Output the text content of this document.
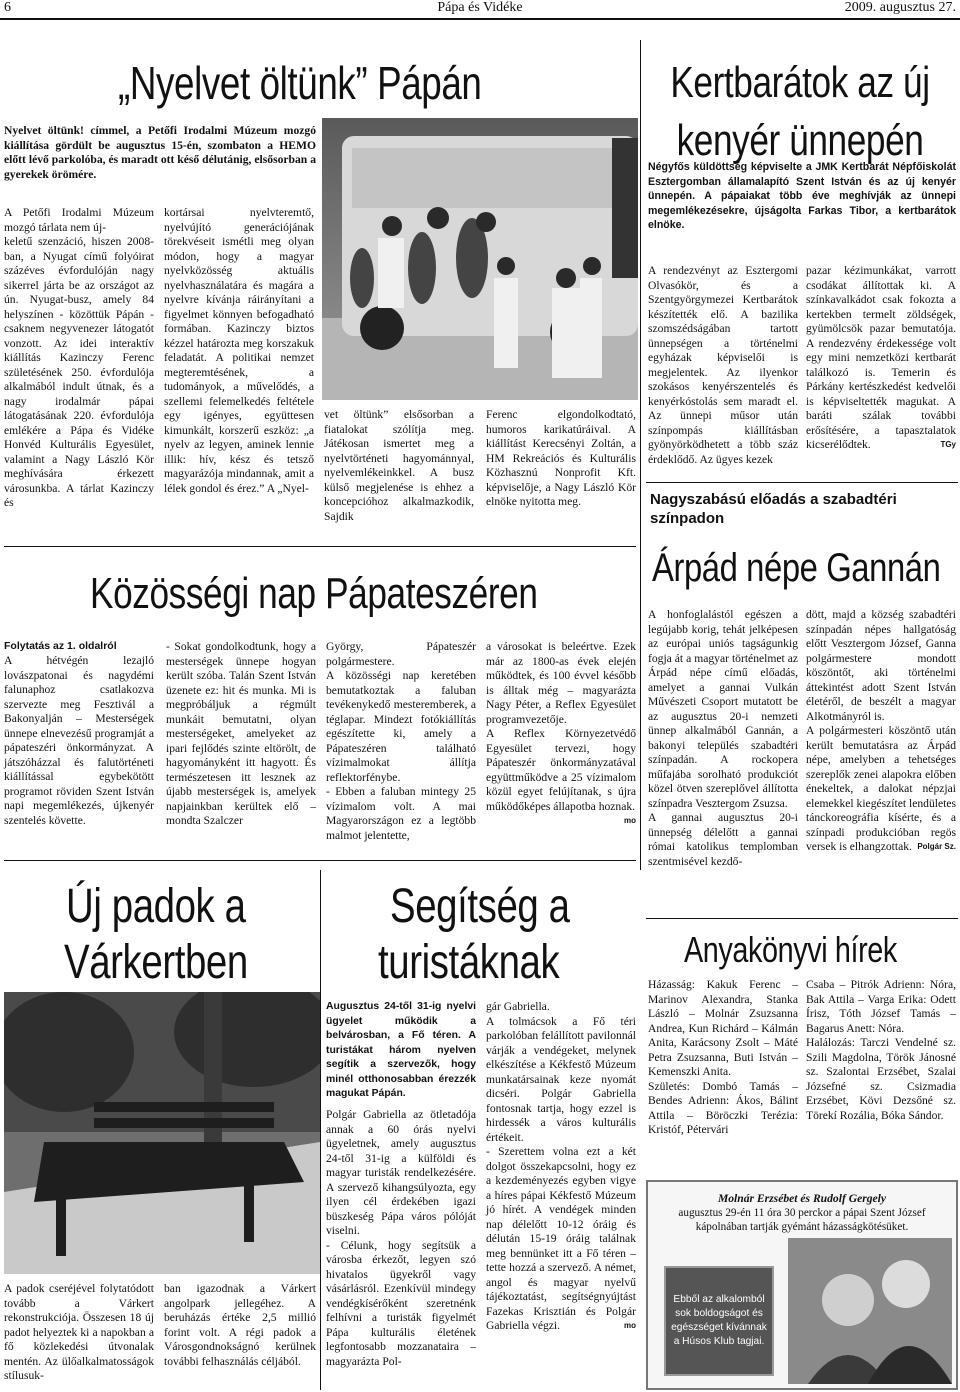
6	Pápa és Vidéke	2009. augusztus 27.
„Nyelvet öltünk” Pápán
Nyelvet öltünk! címmel, a Petőfi Irodalmi Múzeum mozgó kiállítása gördült be augusztus 15-én, szombaton a HEMO előtt lévő parkolóba, és maradt ott késő délutánig, elsősorban a gyerekek örömére.
A Petőfi Irodalmi Múzeum mozgó tárlata nem új-
keletű szenzáció, hiszen 2008-ban, a Nyugat című folyóirat százéves évfordulóján nagy sikerrel járta be az országot az ún. Nyugat-busz, amely 84 helyszínen - közöttük Pápán - csaknem negyvenezer látogatót vonzott. Az idei interaktív kiállítás Kazinczy Ferenc születésének 250. évfordulója alkalmából indult útnak, és a nagy irodalmár pápai látogatásának 220. évfordulója emlékére a Pápa és Vidéke Honvéd Kulturális Egyesület, valamint a Nagy László Kör meghívására érkezett városunkba. A tárlat Kazinczy és
kortársai nyelvteremtő, nyelvújító generációjának törekvéseit ismétli meg olyan módon, hogy a magyar nyelvközösség aktuális nyelvhasználatára és magára a nyelvre kívánja ráirányítani a figyelmet könnyen befogadható formában. Kazinczy biztos kézzel határozta meg korszakuk feladatát. A politikai nemzet megteremtésének, a tudományok, a művelődés, a szellemi felemelkedés feltétele egy igényes, együttesen kimunkált, korszerű eszköz: „a nyelv az legyen, aminek lennie illik: hív, kész és tetsző magyarázója mindannak, amit a lélek gondol és érez.” A „Nyel-
vet öltünk” elsősorban a fiatalokat szólítja meg. Játékosan ismertet meg a nyelvtörténeti hagyománnyal, nyelvemlékeinkkel. A busz külső megjelenése is ehhez a koncepcióhoz alkalmazkodik, Sajdik
Ferenc elgondolkodtató, humoros karikatúráival. A kiállítást Kerecsényi Zoltán, a HM Rekreációs és Kulturális Közhasznú Nonprofit Kft. képviselője, a Nagy László Kör elnöke nyitotta meg.
Kertbarátok az új kenyér ünnepén
Négyfős küldöttség képviselte a JMK Kertbarát Népfőiskolát Esztergomban államalapító Szent István és az új kenyér ünnepén. A pápaiakat több éve meghívják az ünnepi megemlékezésekre, újságolta Farkas Tibor, a kertbarátok elnöke.
A rendezvényt az Esztergomi Olvasókör, és a Szentgyörgymezei Kertbarátok készítették elő. A bazilika szomszédságában tartott ünnepségen a történelmi egyházak képviselői is megjelentek. Az ilyenkor szokásos kenyérszentelés és kenyérkóstolás sem maradt el. Az ünnepi műsor után színpompás kiállításban gyönyörködhetett a több száz érdeklődő. Az ügyes kezek
pazar kézimunkákat, varrott csodákat állítottak ki. A színkavalkádot csak fokozta a kertekben termelt zöldségek, gyümölcsök pazar bemutatója. A rendezvény érdekessége volt egy mini nemzetközi kertbarát találkozó is. Temerin és Párkány kertészkedést kedvelői is képviseltették magukat. A baráti szálak további erősítésére, a tapasztalatok kicserélődtek.	TGy
Nagyszabású előadás a szabadtéri színpadon
Árpád népe Gannán
A honfoglalástól egészen a legújabb korig, tehát jelképesen az európai uniós tagságunkig fogja át a magyar történelmet az Árpád népe című előadás, amelyet a gannai Vulkán Művészeti Csoport mutatott be az augusztus 20-i nemzeti ünnep alkalmából Gannán, a bakonyi település szabadtéri színpadán. A rockopera műfajába sorolható produkciót közel ötven szereplővel állította színpadra Vesztergom Zsuzsa.
A gannai augusztus 20-i ünnepség délelőtt a gannai római katolikus templomban szentmisével kezdő-
dött, majd a község szabadtéri színpadán népes hallgatóság előtt Vesztergom József, Ganna polgármestere mondott köszöntőt, aki történelmi áttekintést adott Szent István életéről, de beszélt a magyar Alkotmányról is.
A polgármesteri köszöntő után került bemutatásra az Árpád népe, amelyben a tehetséges szereplők zenei alapokra előben énekeltek, a dalokat népzjai elemekkel kiegészítet lendületes tánckoreográfia kísérte, és a színpadi produkcióban regös versek is elhangzottak. Polgár Sz.
Közösségi nap Pápateszéren
Folytatás az 1. oldalról
A hétvégén lezajló lovászpatonai és nagydémi falunaphoz csatlakozva szervezte meg Fesztivál a Bakonyalján – Mesterségek ünnepe elnevezésű programját a pápateszéri önkormányzat. A játszóházzal és falutörténeti kiállítással egybekötött programot röviden Szent István napi megemlékezés, újkenyér szentelés követte.
- Sokat gondolkodtunk, hogy a mesterségek ünnepe hogyan került szóba. Talán Szent István üzenete ez: hit és munka. Mi is megpróbáljuk a régmúlt munkáit bemutatni, olyan mesterségeket, amelyeket az ipari fejlődés szinte eltörölt, de hagyományként itt hagyott. És természetesen itt lesznek az újabb mesterségek is, amelyek napjainkban kerültek elő – mondta Szalczer
György, Pápateszér polgármestere.
A közösségi nap keretében bemutatkoztak a faluban tevékenykedő mesteremberek, a téglapar. Mindezt fotókiállítás egészítette ki, amely a Pápateszéren található vízimalmokat állítja reflektorfénybe.
- Ebben a faluban mintegy 25 vízimalom volt. A mai Magyarországon ez a legtöbb malmot jelentette,
a városokat is beleértve. Ezek már az 1800-as évek elején működtek, és 100 évvel később is álltak még – magyarázta Nagy Péter, a Reflex Egyesület programvezetője.
A Reflex Környezetvédő Egyesület tervezi, hogy Pápateszér önkormányzatával együttműködve a 25 vízimalom közül egyet felújítanak, s újra működőképes állapotba hoznak.
mo
Új padok a
Várkertben
A padok cseréjével folytatódott tovább a Várkert rekonstrukciója. Összesen 18 új padot helyeztek ki a napokban a fő közlekedési útvonalak mentén. Az ülőalkalmatosságok stílusuk-
ban igazodnak a Várkert angolpark jellegéhez. A beruházás értéke 2,5 millió forint volt. A régi padok a Városgondnokságnó kerülnek további felhasználás céljából.
Segítség a
turistáknak
Augusztus 24-től 31-ig nyelvi ügyelet működik a belvárosban, a Fő téren. A turistákat három nyelven segítik a szervezők, hogy minél otthonosabban érezzék magukat Pápán.
Polgár Gabriella az ötletadója annak a 60 órás nyelvi ügyeletnek, amely augusztus 24-től 31-ig a külföldi és magyar turisták rendelkezésére. A szervező kihangsúlyozta, egy ilyen cél érdekében igazi büszkeség Pápa város pólóját viselni.
- Célunk, hogy segítsük a városba érkezőt, legyen szó hivatalos ügyekről vagy vásárlásról. Ezenkívül mindegy vendégkísérőként szeretnénk felhívni a turisták figyelmét Pápa kulturális életének legfontosabb mozzanataira – magyarázta Pol-
gár Gabriella.
A tolmácsok a Fő téri parkolóban felállított pavilonnál várják a vendégeket, melynek elkészítése a Kékfestő Múzeum munkatársainak keze nyomát dicséri. Polgár Gabriella fontosnak tartja, hogy ezzel is hirdessék a város kulturális értékeit.
- Szerettem volna ezt a két dolgot összekapcsolni, hogy ez a kezdeményezés egyben vigye a híres pápai Kékfestő Múzeum jó hírét. A vendégek minden nap délelőtt 10-12 óráig és délután 15-19 óráig találnak meg bennünket itt a Fő téren – tette hozzá a szervező. A német, angol és magyar nyelvű tájékoztatást, segítségnyújtást Fazekas Krisztián és Polgár Gabriella végzi.	mo
Anyakönyvi hírek
Házasság: Kakuk Ferenc – Marinov Alexandra, Stanka László – Molnár Zsuzsanna Andrea, Kun Richárd – Kálmán Anita, Karácsony Zsolt – Máté Petra Zsuzsanna, Buti István – Kemenszki Anita.
Születés: Dombó Tamás – Bendes Adrienn: Ákos, Bálint Attila – Böröczki Terézia: Kristóf, Pétervári
Csaba – Pitrók Adrienn: Nóra, Bak Attila – Varga Erika: Odett Írisz, Tóth József Tamás – Bagarus Anett: Nóra.
Halálozás: Tarczi Vendelné sz. Szili Magdolna, Török Jánosné sz. Szalontai Erzsébet, Szalai Józsefné sz. Csizmadia Erzsébet, Kövi Dezsőné sz. Törekí Rozália, Bóka Sándor.
Molnár Erzsébet és Rudolf Gergely
augusztus 29-én 11 óra 30 perckor a pápai Szent József kápolnában tartják gyémánt házasságkötésüket.
Ebből az alkalomból sok boldogságot és egészséget kívánnak a Húsos Klub tagjai.
